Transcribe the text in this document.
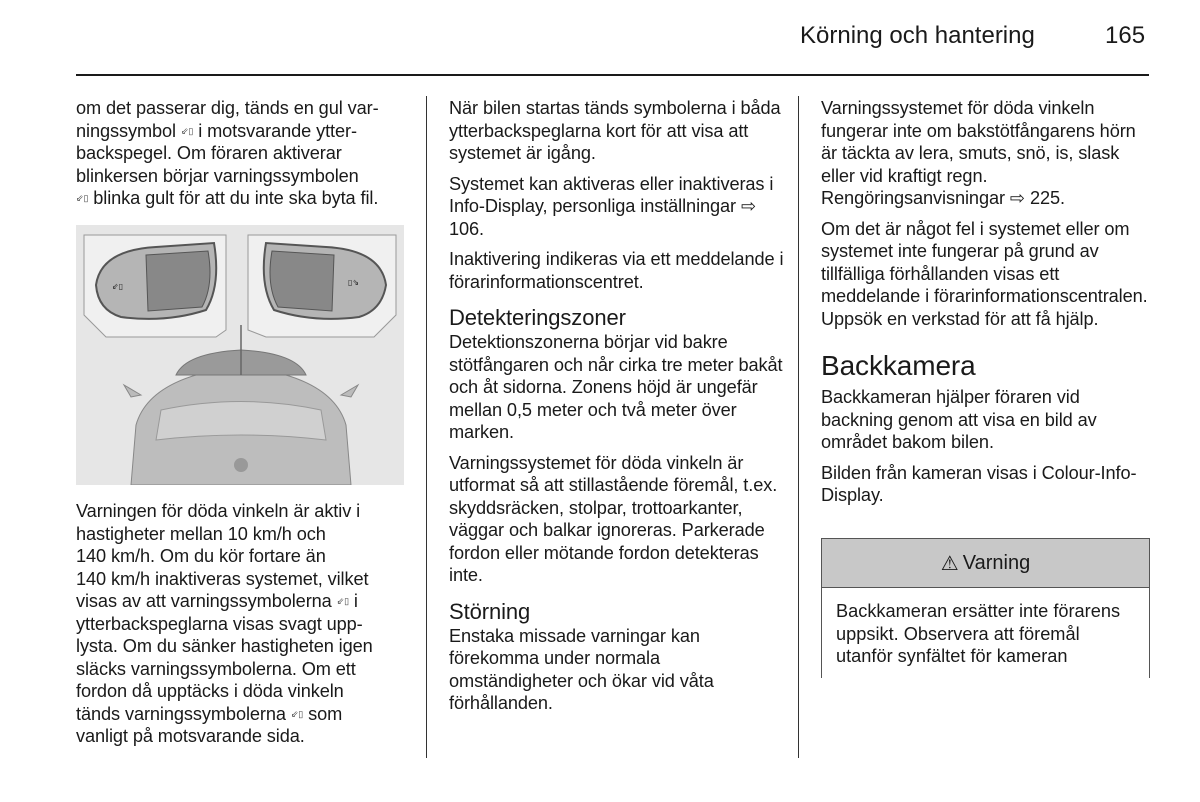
Körning och hantering	165
om det passerar dig, tänds en gul var-
ningssymbol ⇙▯ i motsvarande ytter-
backspegel. Om föraren aktiverar
blinkersen börjar varningssymbolen
⇙▯ blinka gult för att du inte ska byta fil.
⇙▯	▯⇘
Varningen för döda vinkeln är aktiv i
hastigheter mellan 10 km/h och
140 km/h. Om du kör fortare än
140 km/h inaktiveras systemet, vilket
visas av att varningssymbolerna ⇙▯ i
ytterbackspeglarna visas svagt upp-
lysta. Om du sänker hastigheten igen
släcks varningssymbolerna. Om ett
fordon då upptäcks i döda vinkeln
tänds varningssymbolerna ⇙▯ som
vanligt på motsvarande sida.

När bilen startas tänds symbolerna i båda ytterbackspeglarna kort för att visa att systemet är igång.

Systemet kan aktiveras eller inaktiveras i Info-Display, personliga inställningar ⇨ 106.

Inaktivering indikeras via ett meddelande i förarinformationscentret.

Detekteringszoner

Detektionszonerna börjar vid bakre stötfångaren och når cirka tre meter bakåt och åt sidorna. Zonens höjd är ungefär mellan 0,5 meter och två meter över marken.

Varningssystemet för döda vinkeln är utformat så att stillastående föremål, t.ex. skyddsräcken, stolpar, trottoarkanter, väggar och balkar ignoreras. Parkerade fordon eller mötande fordon detekteras inte.

Störning

Enstaka missade varningar kan förekomma under normala omständigheter och ökar vid våta förhållanden.

Varningssystemet för döda vinkeln fungerar inte om bakstötfångarens hörn är täckta av lera, smuts, snö, is, slask eller vid kraftigt regn. Rengöringsanvisningar ⇨ 225.

Om det är något fel i systemet eller om systemet inte fungerar på grund av tillfälliga förhållanden visas ett meddelande i förarinformationscentralen. Uppsök en verkstad för att få hjälp.

Backkamera

Backkameran hjälper föraren vid backning genom att visa en bild av området bakom bilen.

Bilden från kameran visas i Colour-Info-Display.

⚠ Varning
Backkameran ersätter inte förarens uppsikt. Observera att föremål utanför synfältet för kameran
